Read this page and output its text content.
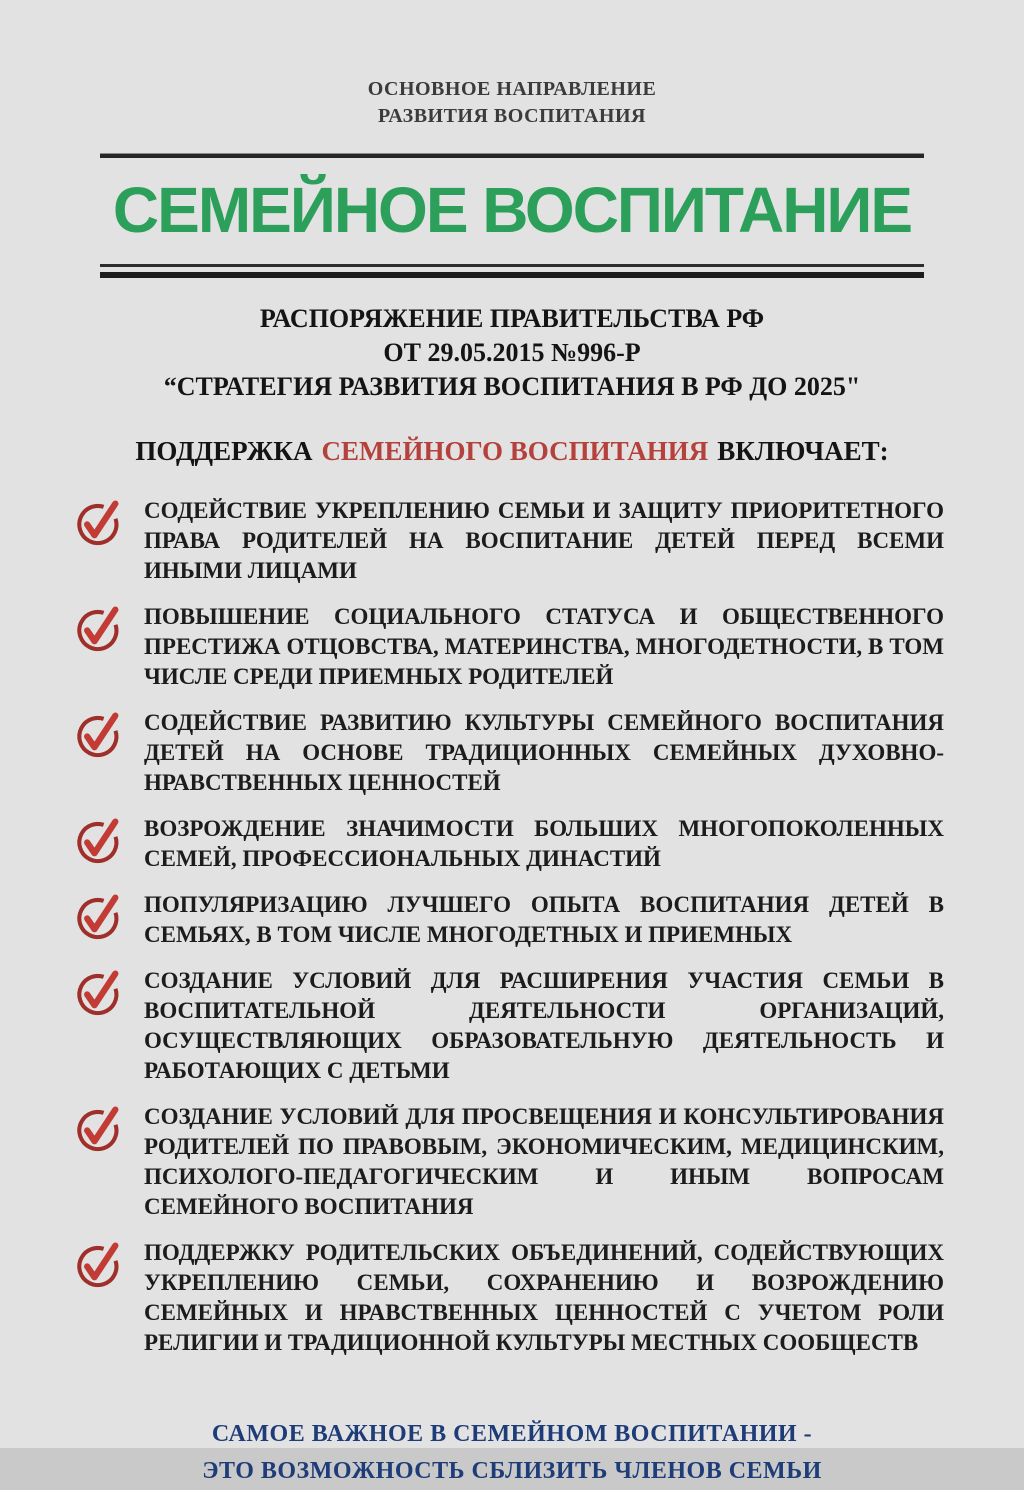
ОСНОВНОЕ НАПРАВЛЕНИЕ
РАЗВИТИЯ ВОСПИТАНИЯ
СЕМЕЙНОЕ ВОСПИТАНИЕ

РАСПОРЯЖЕНИЕ ПРАВИТЕЛЬСТВА РФ

ОТ 29.05.2015 №996-Р

“СТРАТЕГИЯ РАЗВИТИЯ ВОСПИТАНИЯ В РФ ДО 2025"

ПОДДЕРЖКА СЕМЕЙНОГО ВОСПИТАНИЯ ВКЛЮЧАЕТ:

СОДЕЙСТВИЕ УКРЕПЛЕНИЮ СЕМЬИ И ЗАЩИТУ ПРИОРИТЕТНОГО ПРАВА РОДИТЕЛЕЙ НА ВОСПИТАНИЕ ДЕТЕЙ ПЕРЕД ВСЕМИ ИНЫМИ ЛИЦАМИ

ПОВЫШЕНИЕ СОЦИАЛЬНОГО СТАТУСА И ОБЩЕСТВЕННОГО ПРЕСТИЖА ОТЦОВСТВА, МАТЕРИНСТВА, МНОГОДЕТНОСТИ, В ТОМ ЧИСЛЕ СРЕДИ ПРИЕМНЫХ РОДИТЕЛЕЙ

СОДЕЙСТВИЕ РАЗВИТИЮ КУЛЬТУРЫ СЕМЕЙНОГО ВОСПИТАНИЯ ДЕТЕЙ НА ОСНОВЕ ТРАДИЦИОННЫХ СЕМЕЙНЫХ ДУХОВНО-НРАВСТВЕННЫХ ЦЕННОСТЕЙ

ВОЗРОЖДЕНИЕ ЗНАЧИМОСТИ БОЛЬШИХ МНОГОПОКОЛЕННЫХ СЕМЕЙ, ПРОФЕССИОНАЛЬНЫХ ДИНАСТИЙ

ПОПУЛЯРИЗАЦИЮ ЛУЧШЕГО ОПЫТА ВОСПИТАНИЯ ДЕТЕЙ В СЕМЬЯХ, В ТОМ ЧИСЛЕ МНОГОДЕТНЫХ И ПРИЕМНЫХ

СОЗДАНИЕ УСЛОВИЙ ДЛЯ РАСШИРЕНИЯ УЧАСТИЯ СЕМЬИ В ВОСПИТАТЕЛЬНОЙ ДЕЯТЕЛЬНОСТИ ОРГАНИЗАЦИЙ, ОСУЩЕСТВЛЯЮЩИХ ОБРАЗОВАТЕЛЬНУЮ ДЕЯТЕЛЬНОСТЬ И РАБОТАЮЩИХ С ДЕТЬМИ

СОЗДАНИЕ УСЛОВИЙ ДЛЯ ПРОСВЕЩЕНИЯ И КОНСУЛЬТИРОВАНИЯ РОДИТЕЛЕЙ ПО ПРАВОВЫМ, ЭКОНОМИЧЕСКИМ, МЕДИЦИНСКИМ, ПСИХОЛОГО-ПЕДАГОГИЧЕСКИМ И ИНЫМ ВОПРОСАМ СЕМЕЙНОГО ВОСПИТАНИЯ

ПОДДЕРЖКУ РОДИТЕЛЬСКИХ ОБЪЕДИНЕНИЙ, СОДЕЙСТВУЮЩИХ УКРЕПЛЕНИЮ СЕМЬИ, СОХРАНЕНИЮ И ВОЗРОЖДЕНИЮ СЕМЕЙНЫХ И НРАВСТВЕННЫХ ЦЕННОСТЕЙ С УЧЕТОМ РОЛИ РЕЛИГИИ И ТРАДИЦИОННОЙ КУЛЬТУРЫ МЕСТНЫХ СООБЩЕСТВ

САМОЕ ВАЖНОЕ В СЕМЕЙНОМ ВОСПИТАНИИ -

ЭТО ВОЗМОЖНОСТЬ СБЛИЗИТЬ ЧЛЕНОВ СЕМЬИ
